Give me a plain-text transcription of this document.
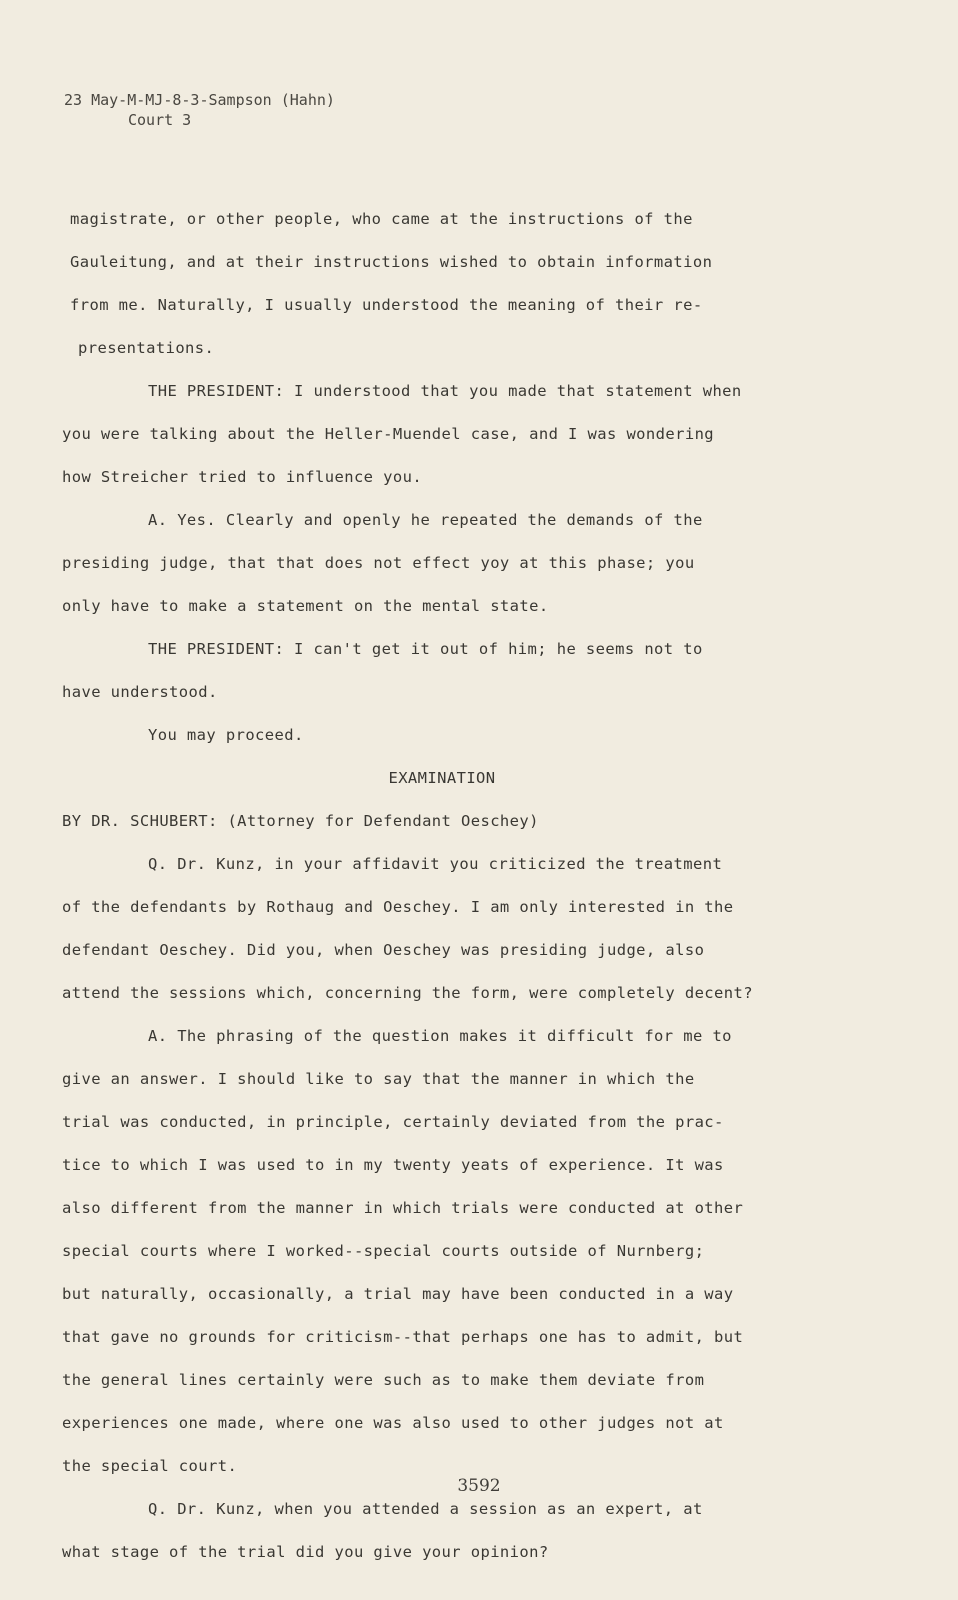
23 May-M-MJ-8-3-Sampson (Hahn)
Court 3
magistrate, or other people, who came at the instructions of the
Gauleitung, and at their instructions wished to obtain information
from me. Naturally, I usually understood the meaning of their re-
presentations.
THE PRESIDENT: I understood that you made that statement when
you were talking about the Heller-Muendel case, and I was wondering
how Streicher tried to influence you.
A. Yes. Clearly and openly he repeated the demands of the
presiding judge, that that does not effect yoy at this phase; you
only have to make a statement on the mental state.
THE PRESIDENT: I can't get it out of him; he seems not to
have understood.
You may proceed.
EXAMINATION
BY DR. SCHUBERT: (Attorney for Defendant Oeschey)
Q. Dr. Kunz, in your affidavit you criticized the treatment
of the defendants by Rothaug and Oeschey. I am only interested in the
defendant Oeschey. Did you, when Oeschey was presiding judge, also
attend the sessions which, concerning the form, were completely decent?
A. The phrasing of the question makes it difficult for me to
give an answer. I should like to say that the manner in which the
trial was conducted, in principle, certainly deviated from the prac-
tice to which I was used to in my twenty yeats of experience. It was
also different from the manner in which trials were conducted at other
special courts where I worked--special courts outside of Nurnberg;
but naturally, occasionally, a trial may have been conducted in a way
that gave no grounds for criticism--that perhaps one has to admit, but
the general lines certainly were such as to make them deviate from
experiences one made, where one was also used to other judges not at
the special court.
Q. Dr. Kunz, when you attended a session as an expert, at
what stage of the trial did you give your opinion?
3592
